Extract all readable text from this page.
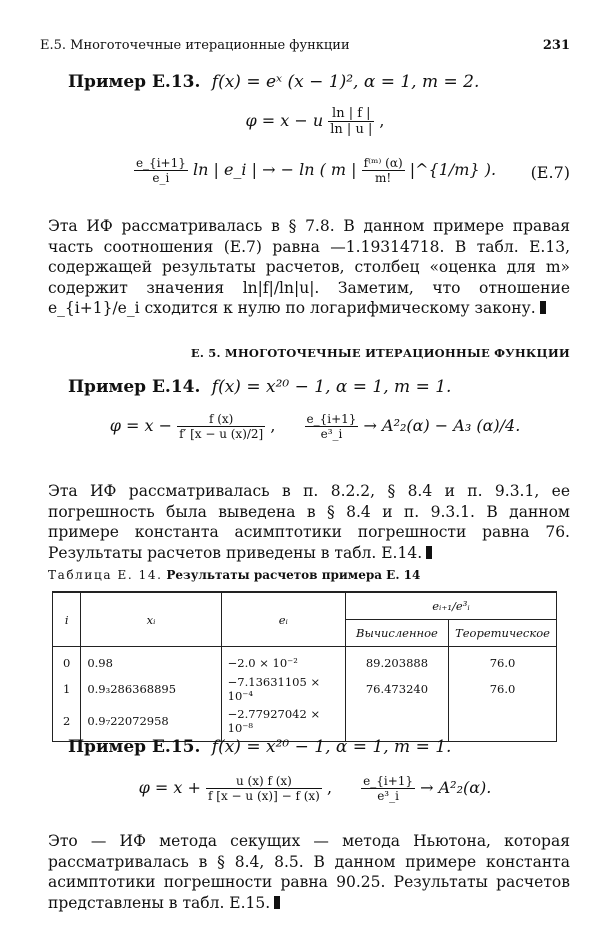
Е.5. Многоточечные итерационные функции	231
Пример Е.13. f(x) = eˣ (x − 1)², α = 1, m = 2.
φ = x − u $\frac{\ln | f |}{\ln | u |}$ ,
$\frac{e\_\{i+1\}}{e\_i}$ ln | e_i | → − ln ( m | $\frac{\text{f⁽ᵐ⁾ (α)}}{m!}$ |^{1/m} ).	(Е.7)
Эта ИФ рассматривалась в § 7.8. В данном примере правая часть соотношения (Е.7) равна —1.19314718. В табл. Е.13, содержащей результаты расчетов, столбец «оценка для m» содержит значения ln|f|/ln|u|. Заметим, что отношение e_{i+1}/e_i сходится к нулю по логарифмическому закону.
Е. 5. МНОГОТОЧЕЧНЫЕ ИТЕРАЦИОННЫЕ ФУНКЦИИ
Пример Е.14. f(x) = x²⁰ − 1, α = 1, m = 1.
$\varphi = x - \frac{f (x)}{f' [x - u (x)/2]}$ , $\frac{e\_\{i+1\}}{\text{e³\_i}} \to A^2_2(\alpha) - A_3$ (α)/4.
Эта ИФ рассматривалась в п. 8.2.2, § 8.4 и п. 9.3.1, ее погрешность была выведена в § 8.4 и п. 9.3.1. В данном примере константа асимптотики погрешности равна 76. Результаты расчетов приведены в табл. Е.14.
Таблица Е. 14. Результаты расчетов примера Е. 14
i	xᵢ	eᵢ	eᵢ₊₁/e³ᵢ	
			Вычисленное	Теоретическое
0	0.98	−2.0 × 10⁻²	89.203888	76.0
1	0.9₃286368895	−7.13631105 × 10⁻⁴	76.473240	76.0
2	0.9₇22072958	−2.77927042 × 10⁻⁸		
Пример Е.15. f(x) = x²⁰ − 1, α = 1, m = 1.
$\varphi = x + \frac{u (x) f (x)}{f [x - u (x)] - f (x)}$ , $\frac{e\_\{i+1\}}{\text{e³\_i}} \to A^2_2(\alpha)$.
Это — ИФ метода секущих — метода Ньютона, которая рассматривалась в § 8.4, 8.5. В данном примере константа асимптотики погрешности равна 90.25. Результаты расчетов представлены в табл. Е.15.
